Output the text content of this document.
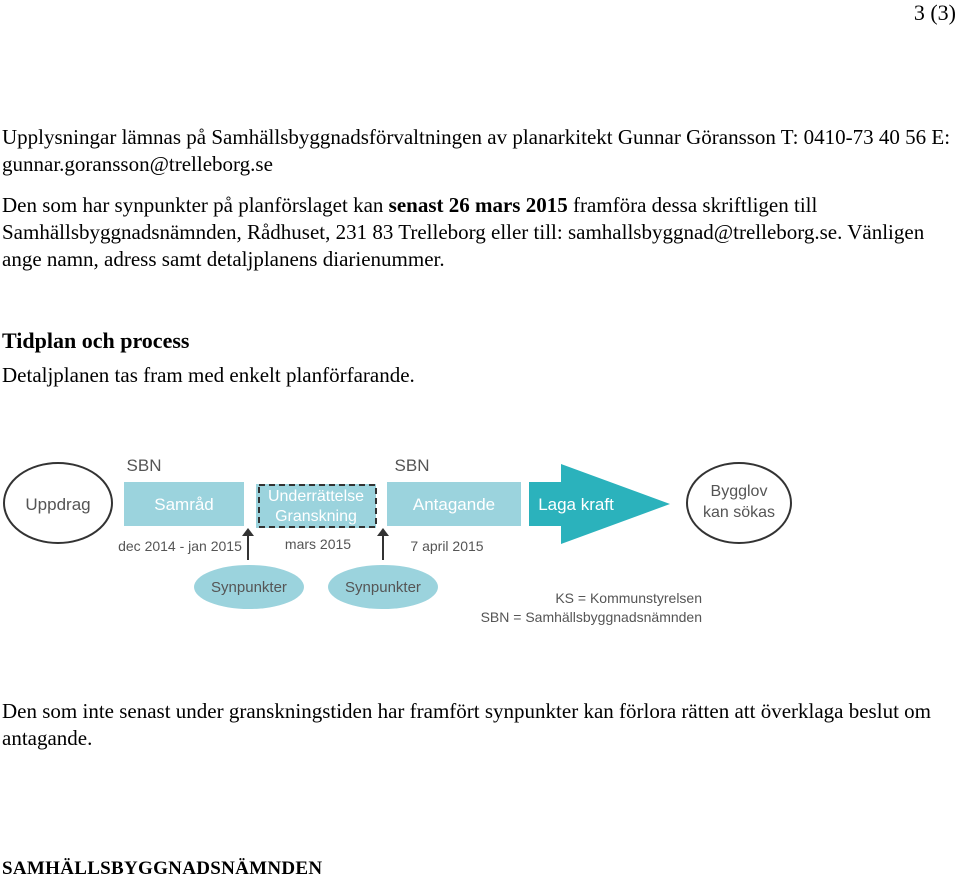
3 (3)

Upplysningar lämnas på Samhällsbyggnadsförvaltningen av planarkitekt Gunnar Göransson T: 0410-73 40 56 E: gunnar.goransson@trelleborg.se

Den som har synpunkter på planförslaget kan senast 26 mars 2015 framföra dessa skriftligen till Samhällsbyggnadsnämnden, Rådhuset, 231 83 Trelleborg eller till: samhallsbyggnad@trelleborg.se. Vänligen ange namn, adress samt detaljplanens diarienummer.

Tidplan och process

Detaljplanen tas fram med enkelt planförfarande.

Uppdrag
SBN	SBN
Samråd	Underrättelse
Granskning
Antagande	Laga kraft
Bygglov
kan sökas
dec 2014 - jan 2015	mars 2015	7 april 2015
Synpunkter	Synpunkter
KS = Kommunstyrelsen
SBN = Samhällsbyggnadsnämnden

Den som inte senast under granskningstiden har framfört synpunkter kan förlora rätten att överklaga beslut om antagande.

SAMHÄLLSBYGGNADSNÄMNDEN
